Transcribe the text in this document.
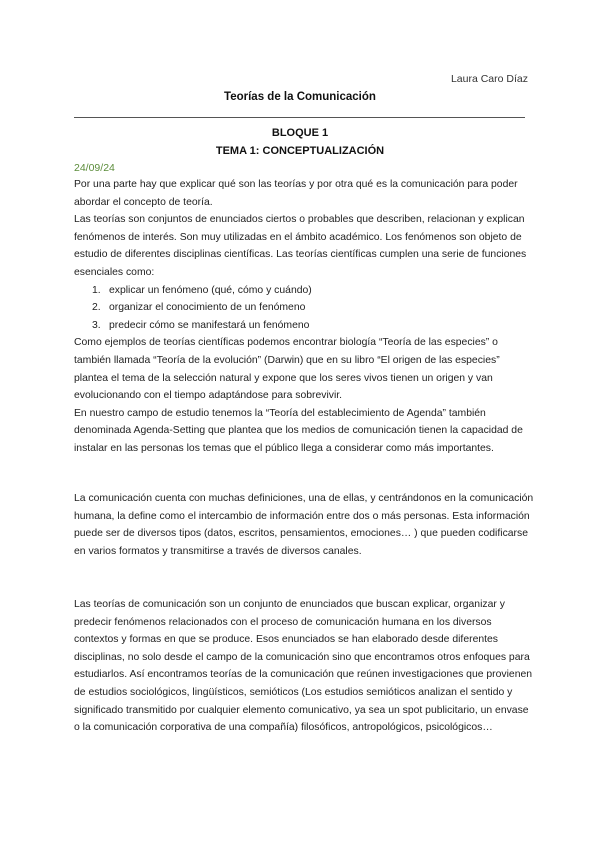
Laura Caro Díaz
Teorías de la Comunicación
BLOQUE 1
TEMA 1: CONCEPTUALIZACIÓN
24/09/24

Por una parte hay que explicar qué son las teorías y por otra qué es la comunicación para poder abordar el concepto de teoría.

Las teorías son conjuntos de enunciados ciertos o probables que describen, relacionan y explican fenómenos de interés. Son muy utilizadas en el ámbito académico. Los fenómenos son objeto de estudio de diferentes disciplinas científicas. Las teorías científicas cumplen una serie de funciones esenciales como:

1. explicar un fenómeno (qué, cómo y cuándo)
2. organizar el conocimiento de un fenómeno
3. predecir cómo se manifestará un fenómeno

Como ejemplos de teorías científicas podemos encontrar biología “Teoría de las especies” o también llamada “Teoría de la evolución” (Darwin) que en su libro “El origen de las especies” plantea el tema de la selección natural y expone que los seres vivos tienen un origen y van evolucionando con el tiempo adaptándose para sobrevivir.

En nuestro campo de estudio tenemos la “Teoría del establecimiento de Agenda” también denominada Agenda-Setting que plantea que los medios de comunicación tienen la capacidad de instalar en las personas los temas que el público llega a considerar como más importantes.

La comunicación cuenta con muchas definiciones, una de ellas, y centrándonos en la comunicación humana, la define como el intercambio de información entre dos o más personas. Esta información puede ser de diversos tipos (datos, escritos, pensamientos, emociones… ) que pueden codificarse en varios formatos y transmitirse a través de diversos canales.

Las teorías de comunicación son un conjunto de enunciados que buscan explicar, organizar y predecir fenómenos relacionados con el proceso de comunicación humana en los diversos contextos y formas en que se produce. Esos enunciados se han elaborado desde diferentes disciplinas, no solo desde el campo de la comunicación sino que encontramos otros enfoques para estudiarlos. Así encontramos teorías de la comunicación que reúnen investigaciones que provienen de estudios sociológicos, lingüísticos, semióticos (Los estudios semióticos analizan el sentido y significado transmitido por cualquier elemento comunicativo, ya sea un spot publicitario, un envase o la comunicación corporativa de una compañía) filosóficos, antropológicos, psicológicos…
